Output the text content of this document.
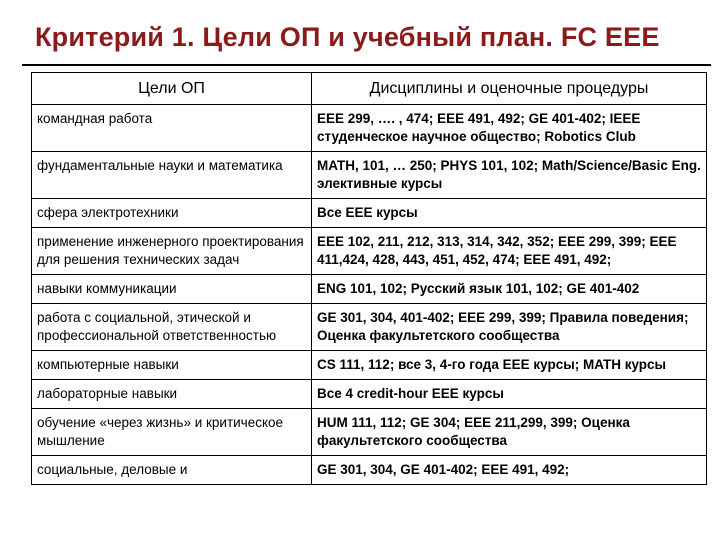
Критерий 1. Цели ОП и учебный план. FC EEE
Цели ОП	Дисциплины и оценочные процедуры
командная работа	EEE 299, …. , 474; EEE 491, 492; GE 401-402; IEEE студенческое научное общество; Robotics Club
фундаментальные науки и математика	MATH, 101, … 250; PHYS 101, 102; Math/Science/Basic Eng. элективные курсы
сфера электротехники	Все EEE курсы
применение инженерного проектирования для решения технических задач	EEE 102, 211, 212, 313, 314, 342, 352; EEE 299, 399; EEE 411,424, 428, 443, 451, 452, 474; EEE 491, 492;
навыки коммуникации	ENG 101, 102; Русский язык 101, 102; GE 401-402
работа с социальной, этической и профессиональной ответственностью	GE 301, 304, 401-402; EEE 299, 399; Правила поведения; Оценка факультетского сообщества
компьютерные навыки	CS 111, 112; все 3, 4-го года EEE курсы; MATH курсы
лабораторные навыки	Все 4 credit-hour EEE курсы
обучение «через жизнь» и критическое мышление	HUM 111, 112; GE 304; EEE 211,299, 399; Оценка факультетского сообщества
социальные, деловые и	GE 301, 304, GE 401-402; EEE 491, 492;
